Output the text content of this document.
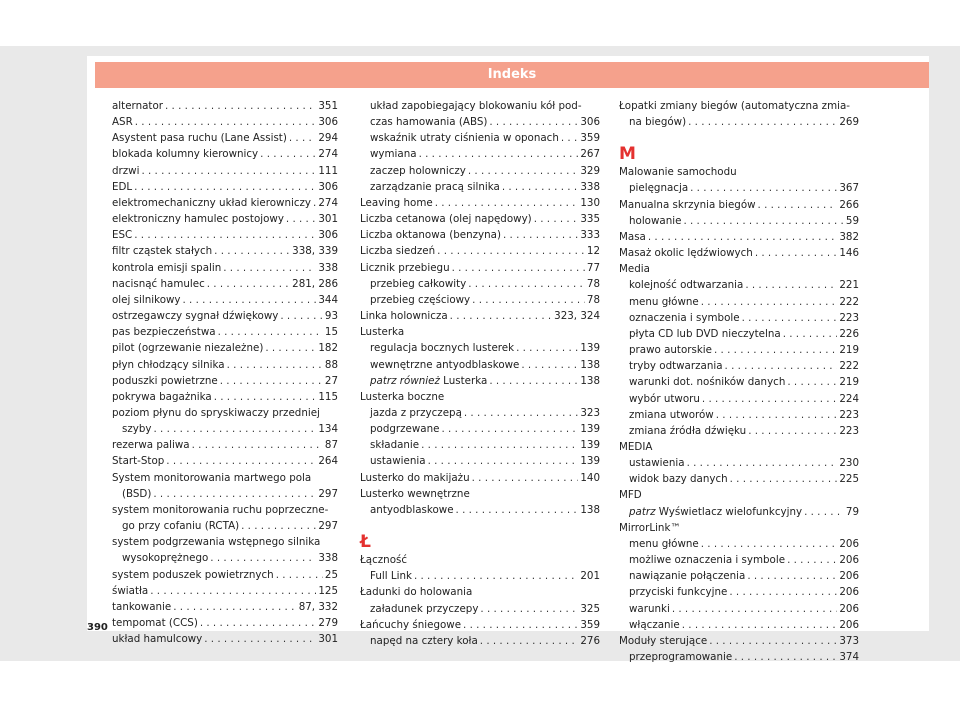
Indeks
alternator . . .	351
ASR . . .	306
Asystent pasa ruchu (Lane Assist) . . .	294
blokada kolumny kierownicy . . .	274
drzwi . . .	111
EDL . . .	306
elektromechaniczny układ kierowniczy . . . 274
elektroniczny hamulec postojowy . . .	301
ESC . . .	306
filtr cząstek stałych . . .	338, 339
kontrola emisji spalin . . .	338
nacisnąć hamulec . . .	281, 286
olej silnikowy . . .	344
ostrzegawczy sygnał dźwiękowy . . .	93
pas bezpieczeństwa . . .	15
pilot (ogrzewanie niezależne) . . .	182
płyn chłodzący silnika . . .	88
poduszki powietrzne . . .	27
pokrywa bagażnika . . .	115
poziom płynu do spryskiwaczy przedniej
szyby . . .	134
rezerwa paliwa . . .	87
Start-Stop . . .	264
System monitorowania martwego pola
(BSD) . . .	297
system monitorowania ruchu poprzeczne-
go przy cofaniu (RCTA) . . .	297
system podgrzewania wstępnego silnika
wysokoprężnego . . .	338
system poduszek powietrznych . . .	25
światła . . .	125
tankowanie . . .	87, 332
tempomat (CCS) . . .	279
układ hamulcowy . . .	301
układ zapobiegający blokowaniu kół pod-
czas hamowania (ABS) . . .	306
wskaźnik utraty ciśnienia w oponach . . . 359
wymiana . . .	267
zaczep holowniczy . . .	329
zarządzanie pracą silnika . . .	338
Leaving home . . .	130
Liczba cetanowa (olej napędowy) . . .	335
Liczba oktanowa (benzyna) . . .	333
Liczba siedzeń . . .	12
Licznik przebiegu . . .	77
przebieg całkowity . . .	78
przebieg częściowy . . .	78
Linka holownicza . . .	323, 324
Lusterka
regulacja bocznych lusterek . . .	139
wewnętrzne antyodblaskowe . . .	138
patrz również Lusterka . . .	138
Lusterka boczne
jazda z przyczepą . . .	323
podgrzewane . . .	139
składanie . . .	139
ustawienia . . .	139
Lusterko do makijażu . . .	140
Lusterko wewnętrzne
antyodblaskowe . . .	138
Ł
Łączność
Full Link . . .	201
Ładunki do holowania
załadunek przyczepy . . .	325
Łańcuchy śniegowe . . .	359
napęd na cztery koła . . .	276
Łopatki zmiany biegów (automatyczna zmia-
na biegów) . . .	269
M
Malowanie samochodu
pielęgnacja . . .	367
Manualna skrzynia biegów . . .	266
holowanie . . .	59
Masa . . .	382
Masaż okolic lędźwiowych . . .	146
Media
kolejność odtwarzania . . .	221
menu główne . . .	222
oznaczenia i symbole . . .	223
płyta CD lub DVD nieczytelna . . .	226
prawo autorskie . . .	219
tryby odtwarzania . . .	222
warunki dot. nośników danych . . .	219
wybór utworu . . .	224
zmiana utworów . . .	223
zmiana źródła dźwięku . . .	223
MEDIA
ustawienia . . .	230
widok bazy danych . . .	225
MFD
patrz Wyświetlacz wielofunkcyjny . . .	79
MirrorLink™
menu główne . . .	206
możliwe oznaczenia i symbole . . .	206
nawiązanie połączenia . . .	206
przyciski funkcyjne . . .	206
warunki . . .	206
włączanie . . .	206
Moduły sterujące . . .	373
przeprogramowanie . . .	374
390
